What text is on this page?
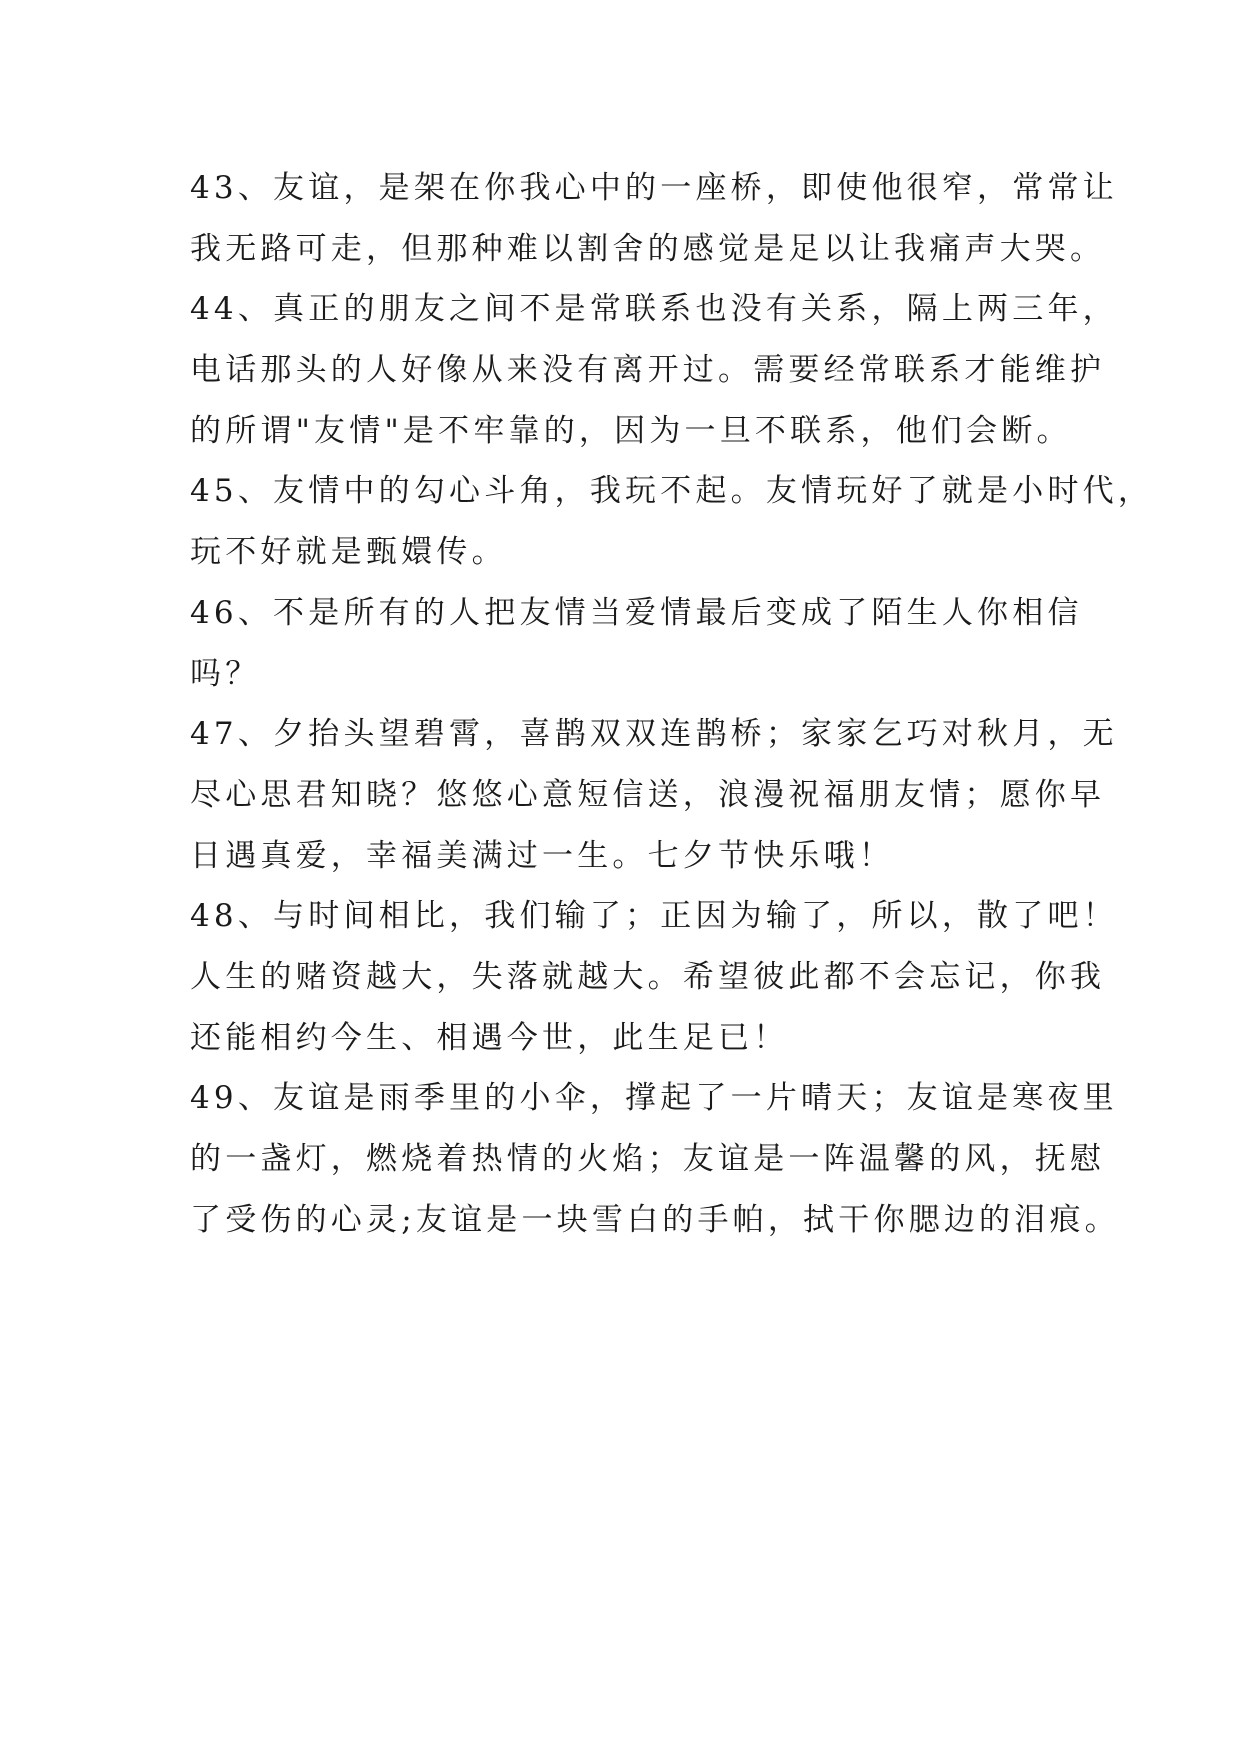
43、友谊，是架在你我心中的一座桥，即使他很窄，常常让
我无路可走，但那种难以割舍的感觉是足以让我痛声大哭。
44、真正的朋友之间不是常联系也没有关系，隔上两三年，
电话那头的人好像从来没有离开过。需要经常联系才能维护
的所谓"友情"是不牢靠的，因为一旦不联系，他们会断。
45、友情中的勾心斗角，我玩不起。友情玩好了就是小时代，
玩不好就是甄嬛传。
46、不是所有的人把友情当爱情最后变成了陌生人你相信
吗？
47、夕抬头望碧霄，喜鹊双双连鹊桥；家家乞巧对秋月，无
尽心思君知晓？悠悠心意短信送，浪漫祝福朋友情；愿你早
日遇真爱，幸福美满过一生。七夕节快乐哦！
48、与时间相比，我们输了；正因为输了，所以，散了吧！
人生的赌资越大，失落就越大。希望彼此都不会忘记，你我
还能相约今生、相遇今世，此生足已！
49、友谊是雨季里的小伞，撑起了一片晴天；友谊是寒夜里
的一盏灯，燃烧着热情的火焰；友谊是一阵温馨的风，抚慰
了受伤的心灵;友谊是一块雪白的手帕，拭干你腮边的泪痕。
